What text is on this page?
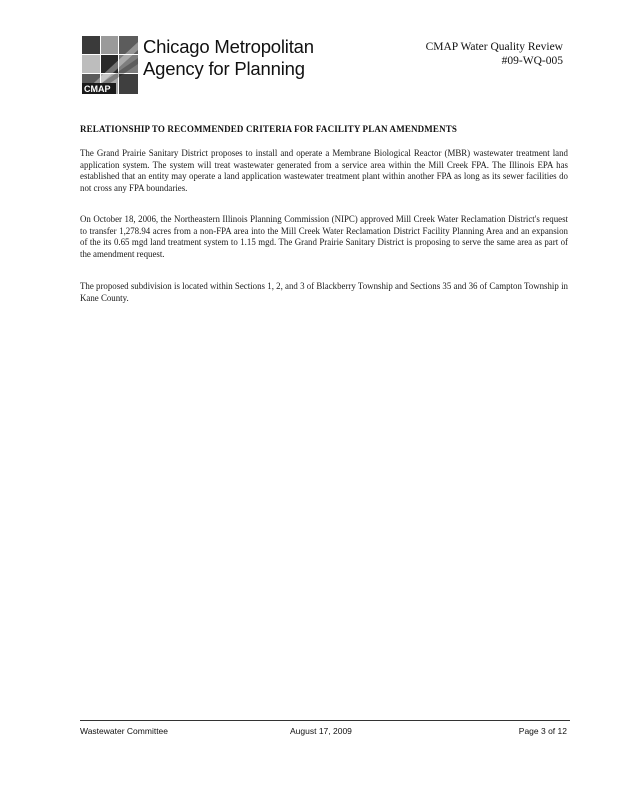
CMAP
Chicago Metropolitan
Agency for Planning
CMAP Water Quality Review
#09-WQ-005
RELATIONSHIP TO RECOMMENDED CRITERIA FOR FACILITY PLAN AMENDMENTS
The Grand Prairie Sanitary District proposes to install and operate a Membrane Biological Reactor (MBR) wastewater treatment land application system. The system will treat wastewater generated from a service area within the Mill Creek FPA. The Illinois EPA has established that an entity may operate a land application wastewater treatment plant within another FPA as long as its sewer facilities do not cross any FPA boundaries.
On October 18, 2006, the Northeastern Illinois Planning Commission (NIPC) approved Mill Creek Water Reclamation District's request to transfer 1,278.94 acres from a non-FPA area into the Mill Creek Water Reclamation District Facility Planning Area and an expansion of the its 0.65 mgd land treatment system to 1.15 mgd. The Grand Prairie Sanitary District is proposing to serve the same area as part of the amendment request.
The proposed subdivision is located within Sections 1, 2, and 3 of Blackberry Township and Sections 35 and 36 of Campton Township in Kane County.
Wastewater Committee	August 17, 2009	Page 3 of 12
